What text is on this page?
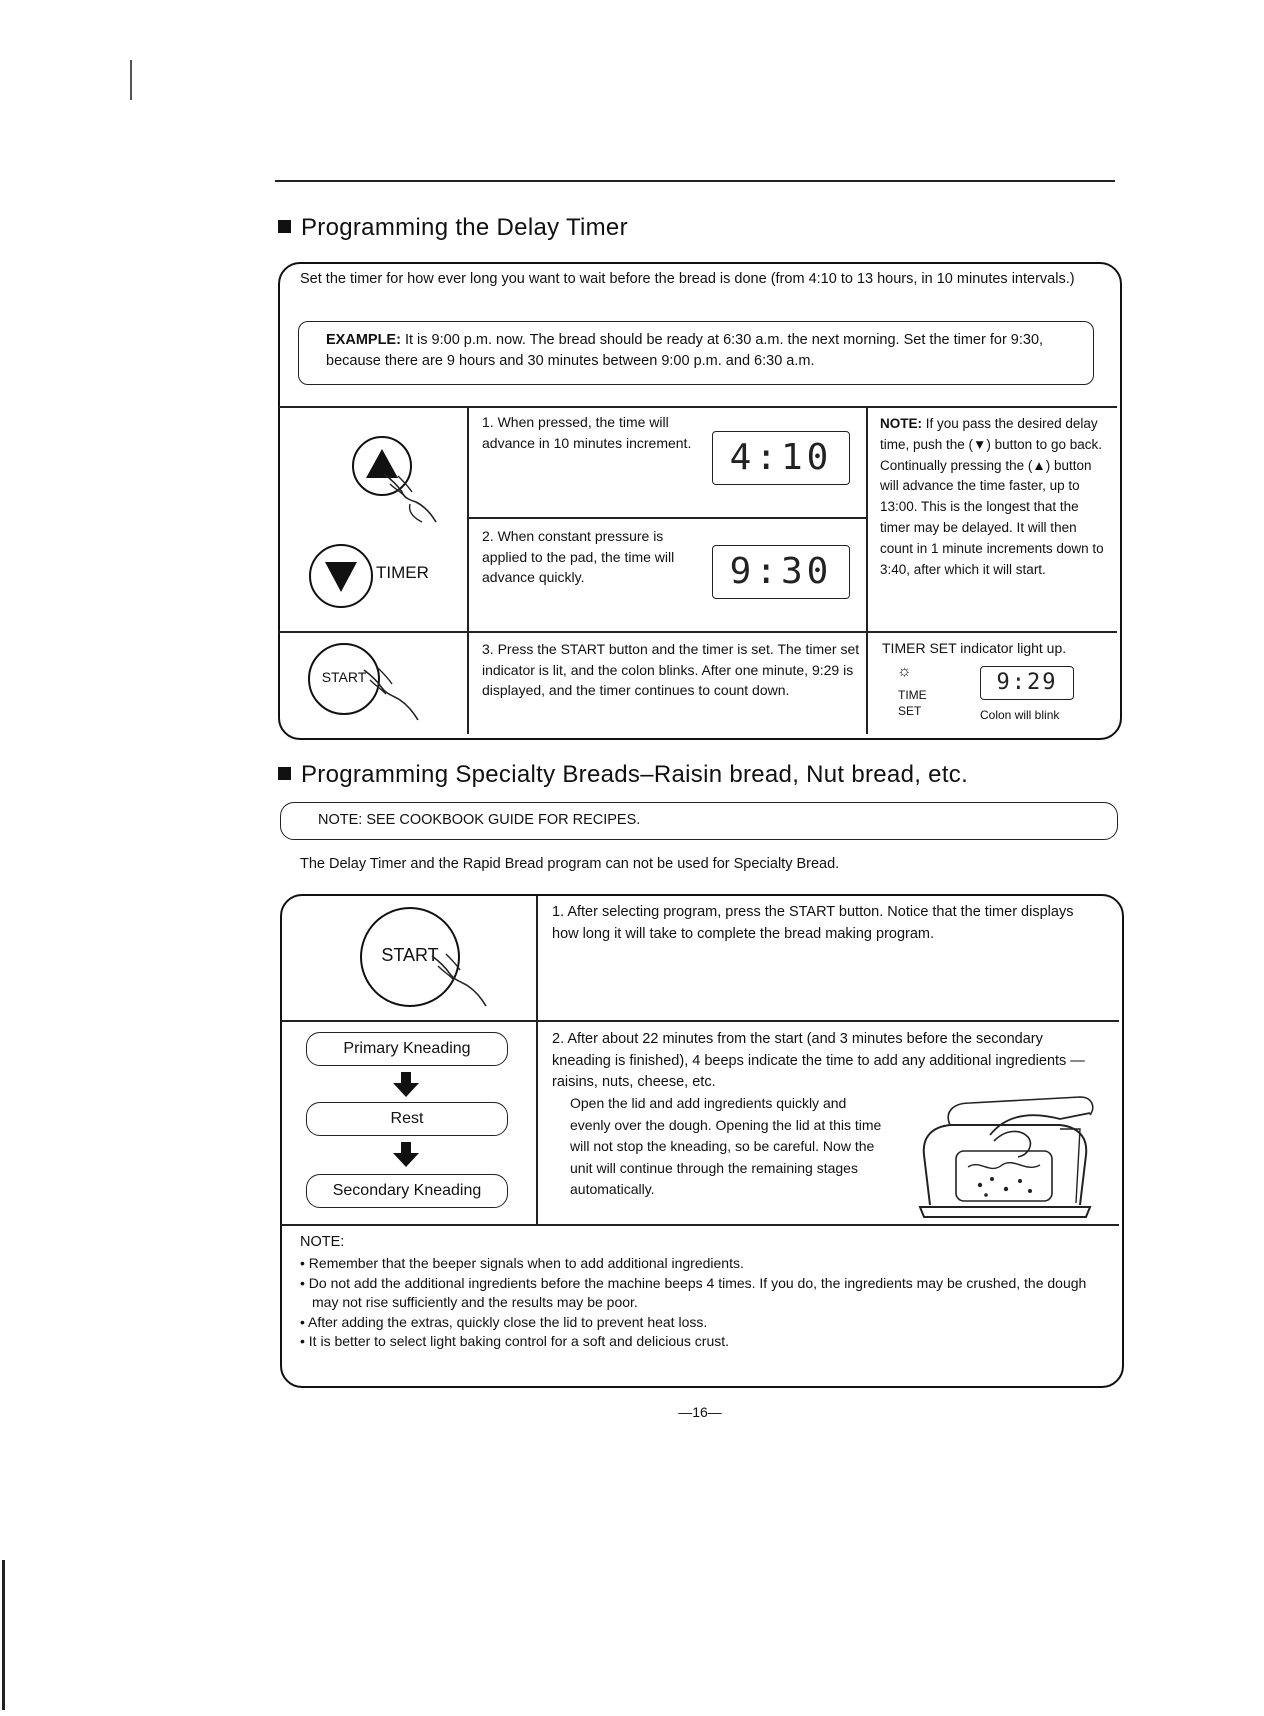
Programming the Delay Timer
Set the timer for how ever long you want to wait before the bread is done (from 4:10 to 13 hours, in 10 minutes intervals.)
EXAMPLE: It is 9:00 p.m. now. The bread should be ready at 6:30 a.m. the next morning. Set the timer for 9:30, because there are 9 hours and 30 minutes between 9:00 p.m. and 6:30 a.m.
TIMER
START
1. When pressed, the time will advance in 10 minutes increment.	4:10
2. When constant pressure is applied to the pad, the time will advance quickly.	9:30
NOTE: If you pass the desired delay time, push the (▼) button to go back. Continually pressing the (▲) button will advance the time faster, up to 13:00. This is the longest that the timer may be delayed. It will then count in 1 minute increments down to 3:40, after which it will start.
3. Press the START button and the timer is set. The timer set indicator is lit, and the colon blinks. After one minute, 9:29 is displayed, and the timer continues to count down.
TIMER SET indicator light up.
☼
TIME
SET
9:29
Colon will blink
Programming Specialty Breads–Raisin bread, Nut bread, etc.
NOTE: SEE COOKBOOK GUIDE FOR RECIPES.
The Delay Timer and the Rapid Bread program can not be used for Specialty Bread.
START
1. After selecting program, press the START button. Notice that the timer displays how long it will take to complete the bread making program.
Primary Kneading
Rest
Secondary Kneading
2. After about 22 minutes from the start (and 3 minutes before the secondary kneading is finished), 4 beeps indicate the time to add any additional ingredients — raisins, nuts, cheese, etc.
Open the lid and add ingredients quickly and evenly over the dough. Opening the lid at this time will not stop the kneading, so be careful. Now the unit will continue through the remaining stages automatically.
NOTE:
• Remember that the beeper signals when to add additional ingredients.
• Do not add the additional ingredients before the machine beeps 4 times. If you do, the ingredients may be crushed, the dough may not rise sufficiently and the results may be poor.
• After adding the extras, quickly close the lid to prevent heat loss.
• It is better to select light baking control for a soft and delicious crust.
—16—
